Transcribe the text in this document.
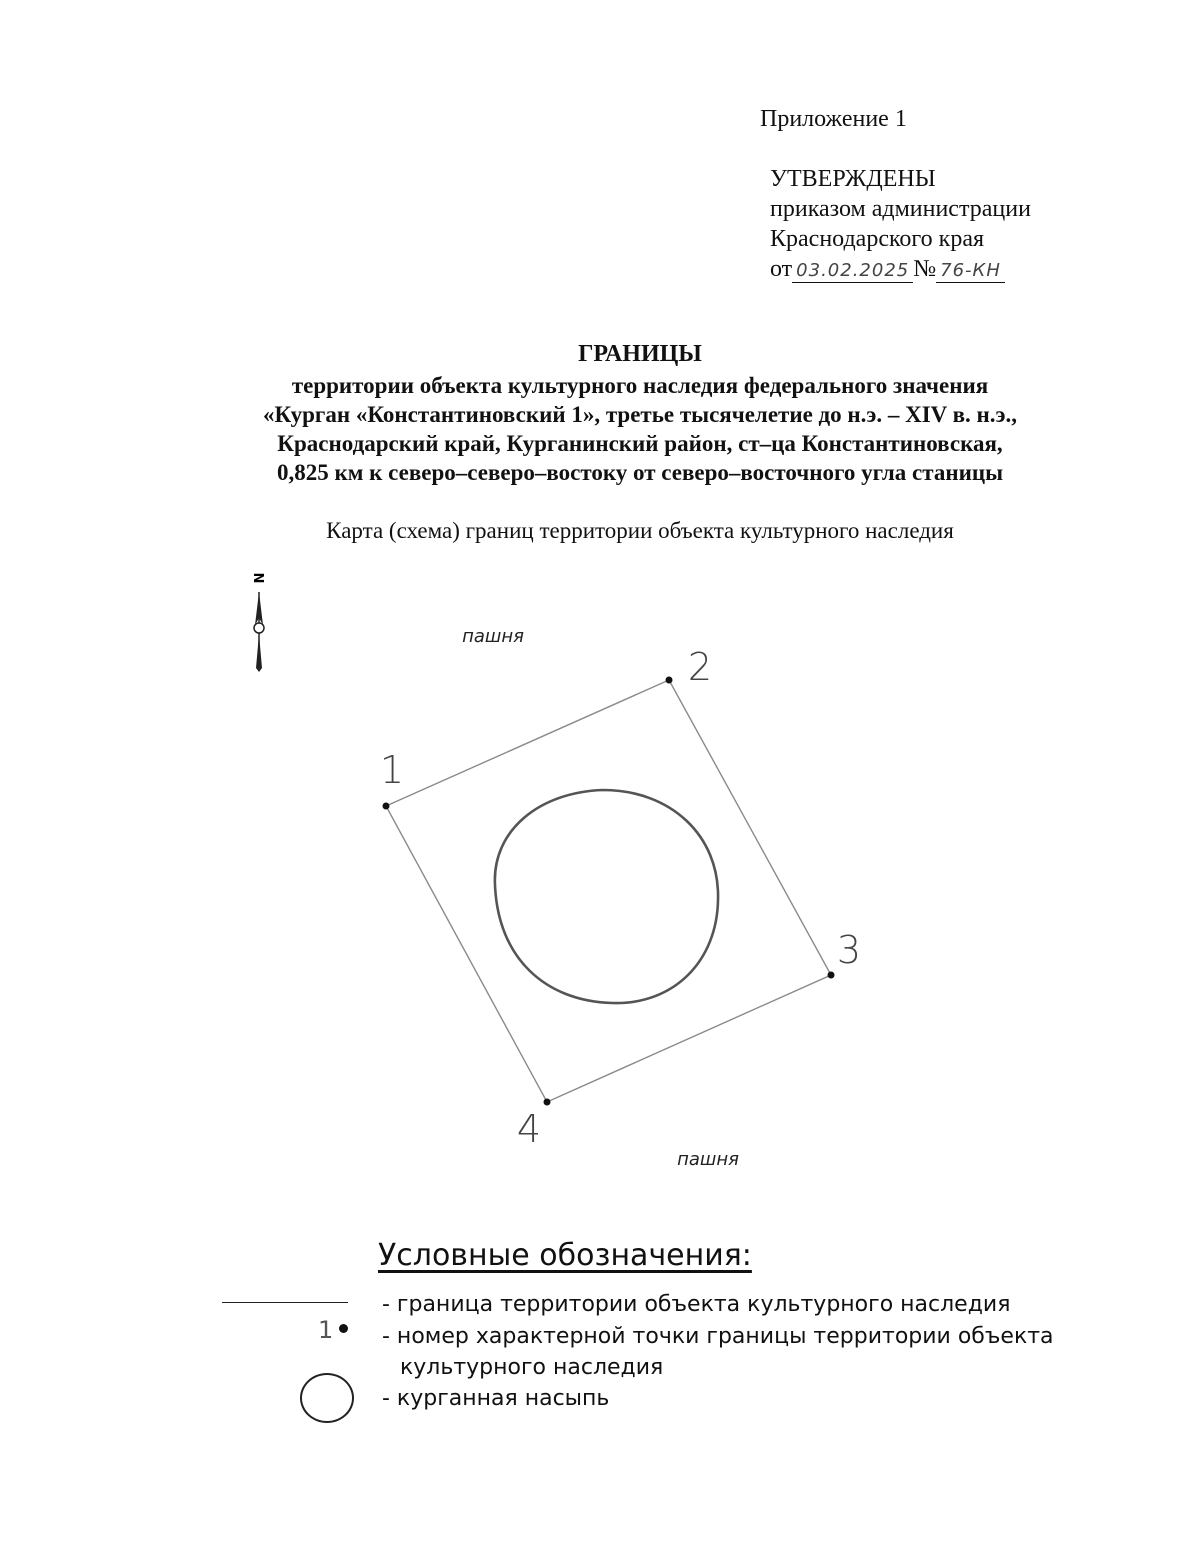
Приложение 1
УТВЕРЖДЕНЫ
приказом администрации
Краснодарского края
от 03.02.2025 № 76-КН
ГРАНИЦЫ
территории объекта культурного наследия федерального значения
«Курган «Константиновский 1», третье тысячелетие до н.э. – XIV в. н.э.,
Краснодарский край, Курганинский район, ст–ца Константиновская,
0,825 км к северо–северо–востоку от северо–восточного угла станицы
Карта (схема) границ территории объекта культурного наследия
N
пашня
пашня
1
2
3
4
Условные обозначения:
- граница территории объекта культурного наследия
1 - номер характерной точки границы территории объекта
культурного наследия
- курганная насыпь
